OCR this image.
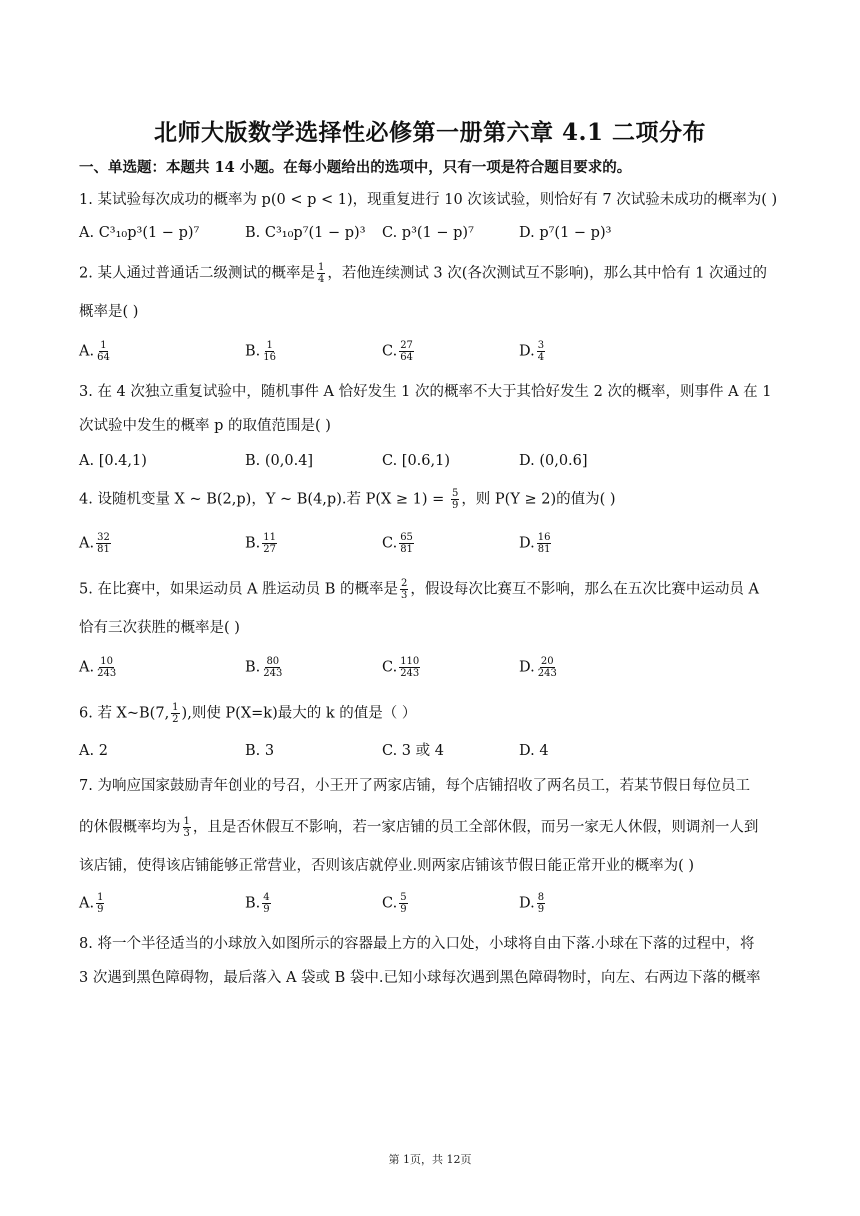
北师大版数学选择性必修第一册第六章 4.1 二项分布
一、单选题：本题共 14 小题。在每小题给出的选项中，只有一项是符合题目要求的。
1. 某试验每次成功的概率为 p(0 < p < 1)，现重复进行 10 次该试验，则恰好有 7 次试验未成功的概率为( )
A. C³₁₀p³(1 − p)⁷	B. C³₁₀p⁷(1 − p)³ C. p³(1 − p)⁷	D. p⁷(1 − p)³
2. 某人通过普通话二级测试的概率是 $\frac{1}{4}$ ，若他连续测试 3 次(各次测试互不影响)，那么其中恰有 1 次通过的
概率是( )
A. $\frac{1}{64}$	B. $\frac{1}{16}$	C. $\frac{27}{64}$	D. $\frac{3}{4}$
3. 在 4 次独立重复试验中，随机事件 A 恰好发生 1 次的概率不大于其恰好发生 2 次的概率，则事件 A 在 1
次试验中发生的概率 p 的取值范围是( )
A. [0.4,1)	B. (0,0.4]	C. [0.6,1)	D. (0,0.6]
4. 设随机变量 X ~ B(2,p)，Y ~ B(4,p).若 $P(X \ge 1) = \frac{5}{9}$ ，则 P(Y ≥ 2)的值为( )
A. $\frac{32}{81}$	B. $\frac{11}{27}$	C. $\frac{65}{81}$	D. $\frac{16}{81}$
5. 在比赛中，如果运动员 A 胜运动员 B 的概率是 $\frac{2}{3}$ ，假设每次比赛互不影响，那么在五次比赛中运动员 A
恰有三次获胜的概率是( )
A. $\frac{10}{243}$	B. $\frac{80}{243}$	C. $\frac{110}{243}$	D. $\frac{20}{243}$
6. 若 X~B(7, $\frac{1}{2}$ ),则使 P(X=k)最大的 k 的值是（ ）
A. 2	B. 3	C. 3 或 4	D. 4
7. 为响应国家鼓励青年创业的号召，小王开了两家店铺，每个店铺招收了两名员工，若某节假日每位员工
的休假概率均为 $\frac{1}{3}$ ，且是否休假互不影响，若一家店铺的员工全部休假，而另一家无人休假，则调剂一人到
该店铺，使得该店铺能够正常营业，否则该店就停业.则两家店铺该节假日能正常开业的概率为( )
A. $\frac{1}{9}$	B. $\frac{4}{9}$	C. $\frac{5}{9}$	D. $\frac{8}{9}$
8. 将一个半径适当的小球放入如图所示的容器最上方的入口处，小球将自由下落.小球在下落的过程中，将
3 次遇到黑色障碍物，最后落入 A 袋或 B 袋中.已知小球每次遇到黑色障碍物时，向左、右两边下落的概率
第 1页，共 12页
